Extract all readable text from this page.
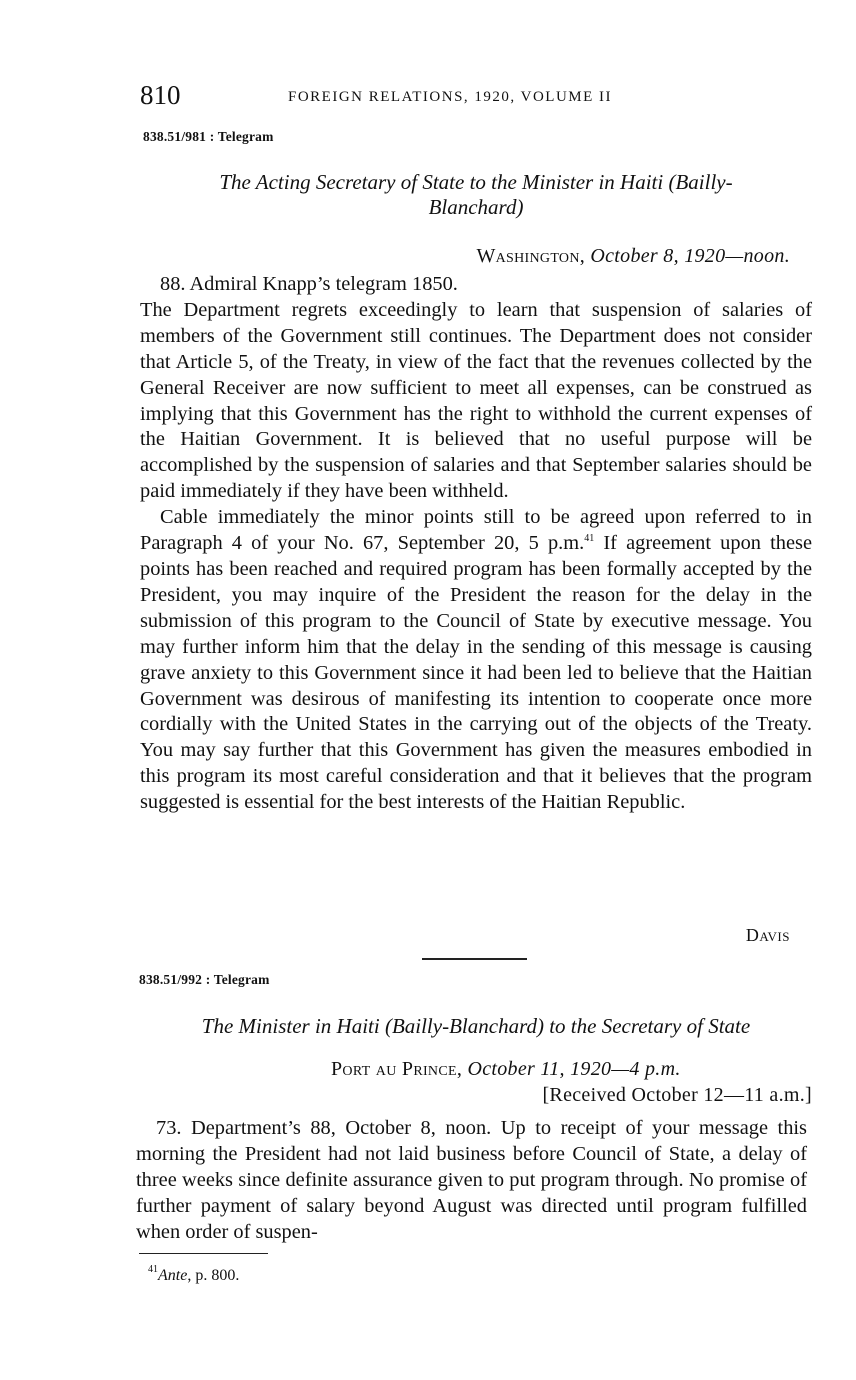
810	FOREIGN RELATIONS, 1920, VOLUME II
838.51/981 : Telegram
The Acting Secretary of State to the Minister in Haiti (Bailly-
Blanchard)
Washington, October 8, 1920—noon.

88. Admiral Knapp’s telegram 1850.

The Department regrets exceedingly to learn that suspension of salaries of members of the Government still continues. The Department does not consider that Article 5, of the Treaty, in view of the fact that the revenues collected by the General Receiver are now sufficient to meet all expenses, can be construed as implying that this Government has the right to withhold the current expenses of the Haitian Government. It is believed that no useful purpose will be accomplished by the suspension of salaries and that September salaries should be paid immediately if they have been withheld.

Cable immediately the minor points still to be agreed upon referred to in Paragraph 4 of your No. 67, September 20, 5 p.m.$^{41}$ If agreement upon these points has been reached and required program has been formally accepted by the President, you may inquire of the President the reason for the delay in the submission of this program to the Council of State by executive message. You may further inform him that the delay in the sending of this message is causing grave anxiety to this Government since it had been led to believe that the Haitian Government was desirous of manifesting its intention to cooperate once more cordially with the United States in the carrying out of the objects of the Treaty. You may say further that this Government has given the measures embodied in this program its most careful consideration and that it believes that the program suggested is essential for the best interests of the Haitian Republic.

Davis
838.51/992 : Telegram
The Minister in Haiti (Bailly-Blanchard) to the Secretary of State
Port au Prince, October 11, 1920—4 p.m.
[Received October 12—11 a.m.]

73. Department’s 88, October 8, noon. Up to receipt of your message this morning the President had not laid business before Council of State, a delay of three weeks since definite assurance given to put program through. No promise of further payment of salary beyond August was directed until program fulfilled when order of suspen-

$^{41}$Ante, p. 800.
